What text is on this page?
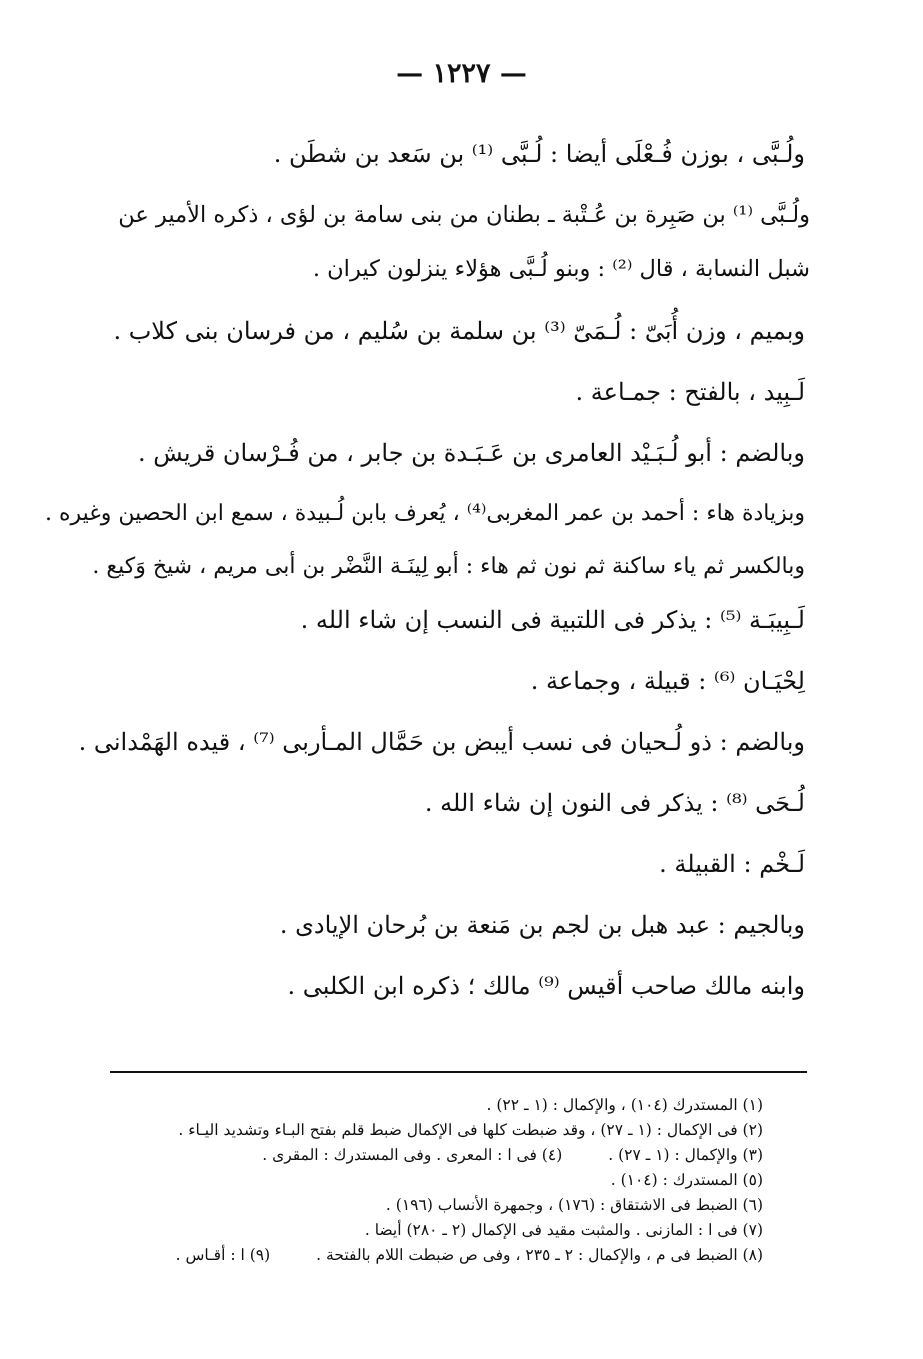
— ١٢٢٧ —
ولُـبَّى ، بوزن فُـعْلَى أيضا : لُـبَّى ⁽¹⁾ بن سَعد بن شطَن .
ولُـبَّى ⁽¹⁾ بن صَبِرة بن عُـتْبة ـ بطنان من بنى سامة بن لؤى ، ذكره الأمير عن
شبل النسابة ، قال ⁽²⁾ : وبنو لُـبَّى هؤلاء ينزلون كيران .
وبميم ، وزن أُبَىّ : لُـمَىّ ⁽³⁾ بن سلمة بن سُليم ، من فرسان بنى كلاب .
لَـبِيد ، بالفتح : جمـاعة .
وبالضم : أبو لُـبَـيْد العامرى بن عَـبَـدة بن جابر ، من فُـرْسان قريش .
وبزيادة هاء : أحمد بن عمر المغربى⁽⁴⁾ ، يُعرف بابن لُـبيدة ، سمع ابن الحصين وغيره .
وبالكسر ثم ياء ساكنة ثم نون ثم هاء : أبو لِينَـة النَّضْر بن أبى مريم ، شيخ وَكيع .
لَـبِيبَـة ⁽⁵⁾ : يذكر فى اللتبية فى النسب إن شاء الله .
لِحْيَـان ⁽⁶⁾ : قبيلة ، وجماعة .
وبالضم : ذو لُـحيان فى نسب أيبض بن حَمَّال المـأربى ⁽⁷⁾ ، قيده الهَمْدانى .
لُـحَى ⁽⁸⁾ : يذكر فى النون إن شاء الله .
لَـخْم : القبيلة .
وبالجيم : عبد هبل بن لجم بن مَنعة بن بُرحان الإيادى .
وابنه مالك صاحب أقيس ⁽⁹⁾ مالك ؛ ذكره ابن الكلبى .
(١) المستدرك (١٠٤) ، والإكمال : (١ ـ ٢٢) .
(٢) فى الإكمال : (١ ـ ٢٧) ، وقد ضبطت كلها فى الإكمال ضبط قلم بفتح البـاء وتشديد اليـاء .
(٣) والإكمال : (١ ـ ٢٧) .
(٤) فى ا : المعرى . وفى المستدرك : المقرى .
(٥) المستدرك : (١٠٤) .
(٦) الضبط فى الاشتقاق : (١٧٦) ، وجمهرة الأنساب (١٩٦) .
(٧) فى ا : المازنى . والمثبت مقيد فى الإكمال (٢ ـ ٢٨٠) أيضا .
(٨) الضبط فى م ، والإكمال : ٢ ـ ٢٣٥ ، وفى ص ضبطت اللام بالفتحة .
(٩) ا : أقـاس .
